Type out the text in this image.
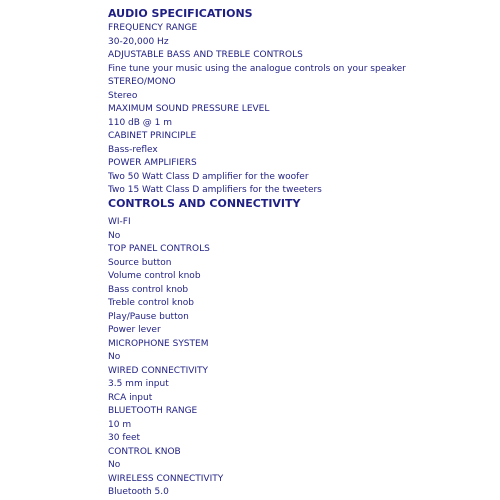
AUDIO SPECIFICATIONS
FREQUENCY RANGE
30-20,000 Hz
ADJUSTABLE BASS AND TREBLE CONTROLS
Fine tune your music using the analogue controls on your speaker
STEREO/MONO
Stereo
MAXIMUM SOUND PRESSURE LEVEL
110 dB @ 1 m
CABINET PRINCIPLE
Bass-reflex
POWER AMPLIFIERS
Two 50 Watt Class D amplifier for the woofer
Two 15 Watt Class D amplifiers for the tweeters
CONTROLS AND CONNECTIVITY
WI-FI
No
TOP PANEL CONTROLS
Source button
Volume control knob
Bass control knob
Treble control knob
Play/Pause button
Power lever
MICROPHONE SYSTEM
No
WIRED CONNECTIVITY
3.5 mm input
RCA input
BLUETOOTH RANGE
10 m
30 feet
CONTROL KNOB
No
WIRELESS CONNECTIVITY
Bluetooth 5.0
